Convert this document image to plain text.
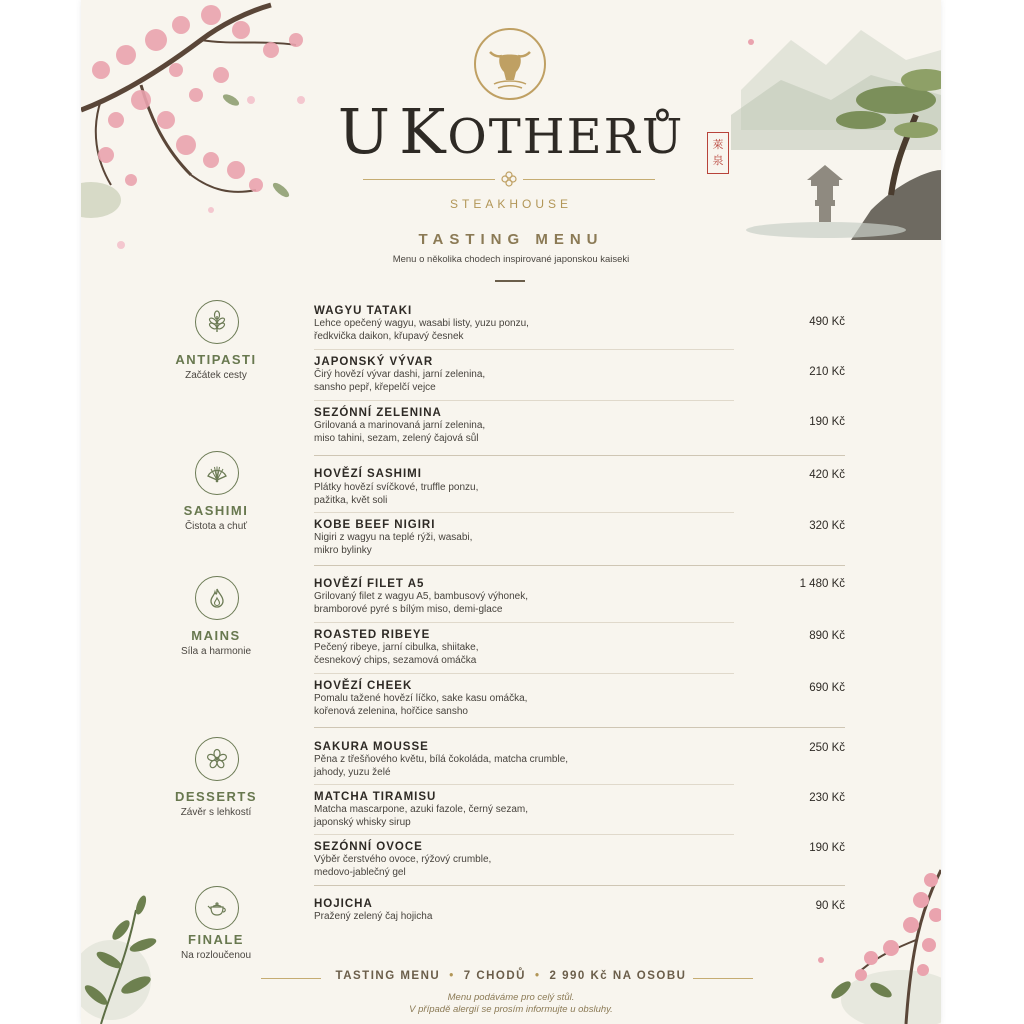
U KOTHERŮ	萊
泉
STEAKHOUSE
TASTING MENU
Menu o několika chodech inspirované japonskou kaiseki
ANTIPASTI
Začátek cesty
WAGYU TATAKI
Lehce opečený wagyu, wasabi listy, yuzu ponzu,
ředkvička daikon, křupavý česnek
490 Kč
JAPONSKÝ VÝVAR
Čirý hovězí vývar dashi, jarní zelenina,
sansho pepř, křepelčí vejce
210 Kč
SEZÓNNÍ ZELENINA
Grilovaná a marinovaná jarní zelenina,
miso tahini, sezam, zelený čajová sůl
190 Kč
SASHIMI
Čistota a chuť
HOVĚZÍ SASHIMI
Plátky hovězí svíčkové, truffle ponzu,
pažitka, květ soli
420 Kč
KOBE BEEF NIGIRI
Nigiri z wagyu na teplé rýži, wasabi,
mikro bylinky
320 Kč
MAINS
Síla a harmonie
HOVĚZÍ FILET A5
Grilovaný filet z wagyu A5, bambusový výhonek,
bramborové pyré s bílým miso, demi-glace
1 480 Kč
ROASTED RIBEYE
Pečený ribeye, jarní cibulka, shiitake,
česnekový chips, sezamová omáčka
890 Kč
HOVĚZÍ CHEEK
Pomalu tažené hovězí líčko, sake kasu omáčka,
kořenová zelenina, hořčice sansho
690 Kč
DESSERTS
Závěr s lehkostí
SAKURA MOUSSE
Pěna z třešňového květu, bílá čokoláda, matcha crumble,
jahody, yuzu želé
250 Kč
MATCHA TIRAMISU
Matcha mascarpone, azuki fazole, černý sezam,
japonský whisky sirup
230 Kč
SEZÓNNÍ OVOCE
Výběr čerstvého ovoce, rýžový crumble,
medovo-jablečný gel
190 Kč
FINALE
Na rozloučenou
HOJICHA
Pražený zelený čaj hojicha
90 Kč
TASTING MENU • 7 CHODŮ • 2 990 Kč NA OSOBU
Menu podáváme pro celý stůl.
V případě alergií se prosím informujte u obsluhy.
